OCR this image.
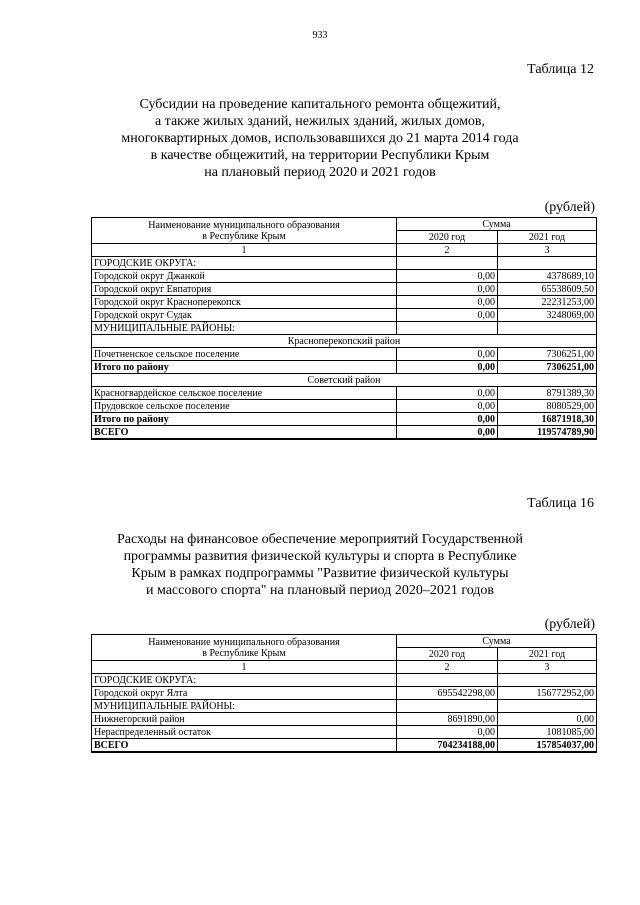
933
Таблица 12
Субсидии на проведение капитального ремонта общежитий,
а также жилых зданий, нежилых зданий, жилых домов,
многоквартирных домов, использовавшихся до 21 марта 2014 года
в качестве общежитий, на территории Республики Крым
на плановый период 2020 и 2021 годов
(рублей)
Наименование муниципального образования
в Республике Крым	Сумма	
	2020 год	2021 год
1	2	3
ГОРОДСКИЕ ОКРУГА:		
Городской округ Джанкой	0,00	4378689,10
Городской округ Евпатория	0,00	65538609,50
Городской округ Красноперекопск	0,00	22231253,00
Городской округ Судак	0,00	3248069,00
МУНИЦИПАЛЬНЫЕ РАЙОНЫ:		
Красноперекопский район		
Почетненское сельское поселение	0,00	7306251,00
Итого по району	0,00	7306251,00
Советский район		
Красногвардейское сельское поселение	0,00	8791389,30
Прудовское сельское поселение	0,00	8080529,00
Итого по району	0,00	16871918,30
ВСЕГО	0,00	119574789,90
Таблица 16
Расходы на финансовое обеспечение мероприятий Государственной
программы развития физической культуры и спорта в Республике
Крым в рамках подпрограммы "Развитие физической культуры
и массового спорта" на плановый период 2020–2021 годов
(рублей)
Наименование муниципального образования
в Республике Крым	Сумма	
	2020 год	2021 год
1	2	3
ГОРОДСКИЕ ОКРУГА:		
Городской округ Ялта	695542298,00	156772952,00
МУНИЦИПАЛЬНЫЕ РАЙОНЫ:		
Нижнегорский район	8691890,00	0,00
Нераспределенный остаток	0,00	1081085,00
ВСЕГО	704234188,00	157854037,00
